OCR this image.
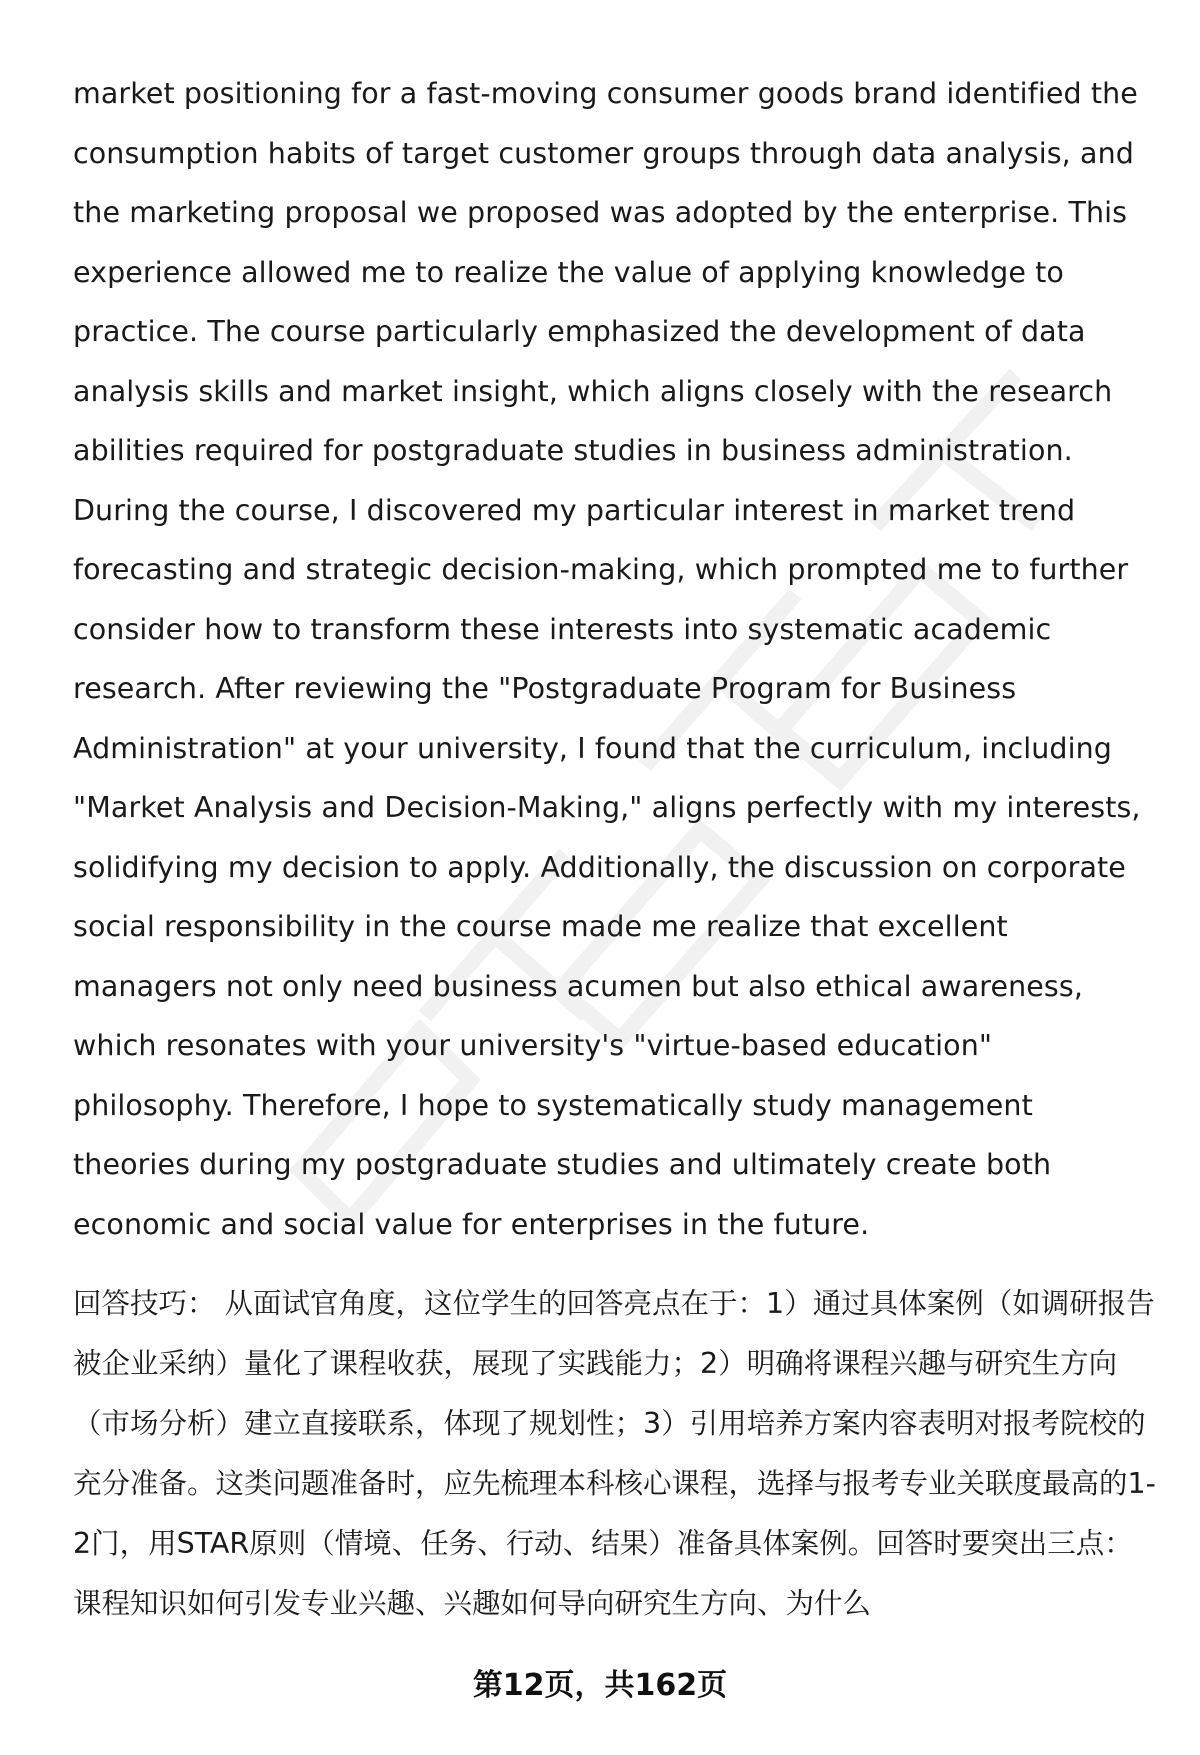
market positioning for a fast-moving consumer goods brand identified the consumption habits of target customer groups through data analysis, and the marketing proposal we proposed was adopted by the enterprise. This experience allowed me to realize the value of applying knowledge to practice. The course particularly emphasized the development of data analysis skills and market insight, which aligns closely with the research abilities required for postgraduate studies in business administration. During the course, I discovered my particular interest in market trend forecasting and strategic decision-making, which prompted me to further consider how to transform these interests into systematic academic research. After reviewing the "Postgraduate Program for Business Administration" at your university, I found that the curriculum, including "Market Analysis and Decision-Making," aligns perfectly with my interests, solidifying my decision to apply. Additionally, the discussion on corporate social responsibility in the course made me realize that excellent managers not only need business acumen but also ethical awareness, which resonates with your university's "virtue-based education" philosophy. Therefore, I hope to systematically study management theories during my postgraduate studies and ultimately create both economic and social value for enterprises in the future.

回答技巧： 从面试官角度，这位学生的回答亮点在于：1）通过具体案例（如调研报告被企业采纳）量化了课程收获，展现了实践能力；2）明确将课程兴趣与研究生方向（市场分析）建立直接联系，体现了规划性；3）引用培养方案内容表明对报考院校的充分准备。这类问题准备时，应先梳理本科核心课程，选择与报考专业关联度最高的1-2门，用STAR原则（情境、任务、行动、结果）准备具体案例。回答时要突出三点：课程知识如何引发专业兴趣、兴趣如何导向研究生方向、为什么

第12页，共162页
